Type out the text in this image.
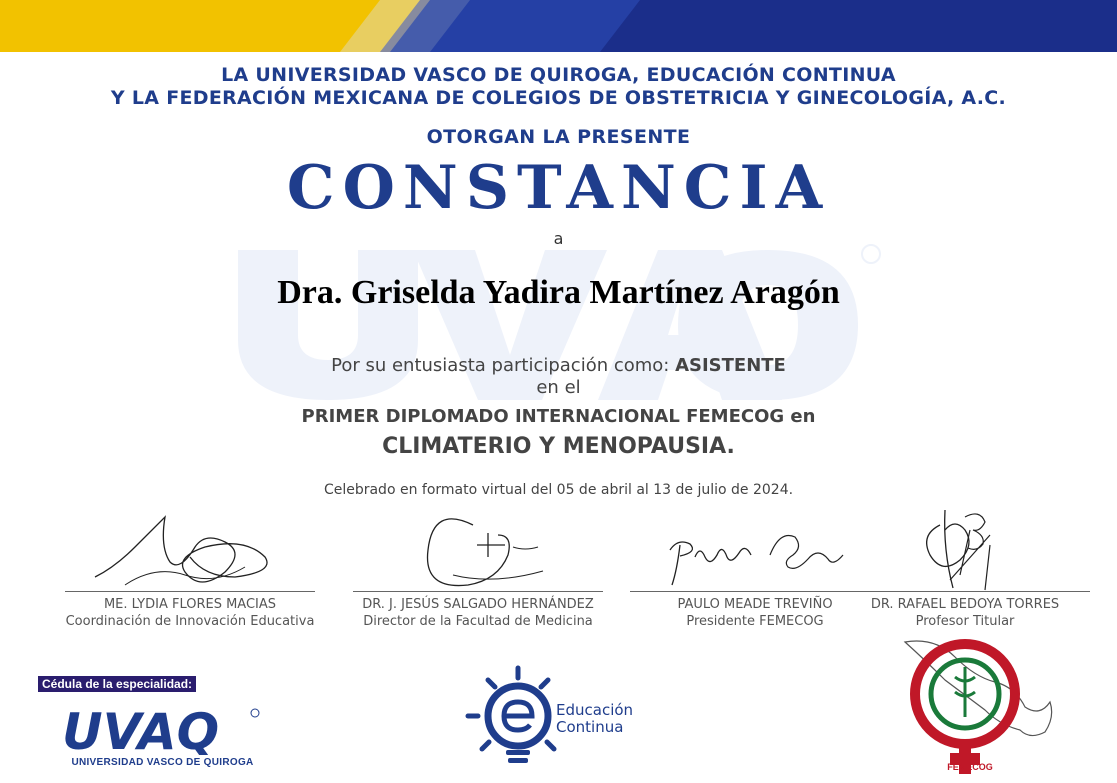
LA UNIVERSIDAD VASCO DE QUIROGA, EDUCACIÓN CONTINUA
Y LA FEDERACIÓN MEXICANA DE COLEGIOS DE OBSTETRICIA Y GINECOLOGÍA, A.C.
OTORGAN LA PRESENTE
CONSTANCIA
a
Dra. Griselda Yadira Martínez Aragón
Por su entusiasta participación como: ASISTENTE
en el
PRIMER DIPLOMADO INTERNACIONAL FEMECOG en
CLIMATERIO Y MENOPAUSIA.
Celebrado en formato virtual del 05 de abril al 13 de julio de 2024.
ME. LYDIA FLORES MACIAS
Coordinación de Innovación Educativa
DR. J. JESÚS SALGADO HERNÁNDEZ
Director de la Facultad de Medicina
PAULO MEADE TREVIÑO
Presidente FEMECOG
DR. RAFAEL BEDOYA TORRES
Profesor Titular
Cédula de la especialidad:
UVAQ
UNIVERSIDAD VASCO DE QUIROGA
Educación
Continua
FEMECOG
